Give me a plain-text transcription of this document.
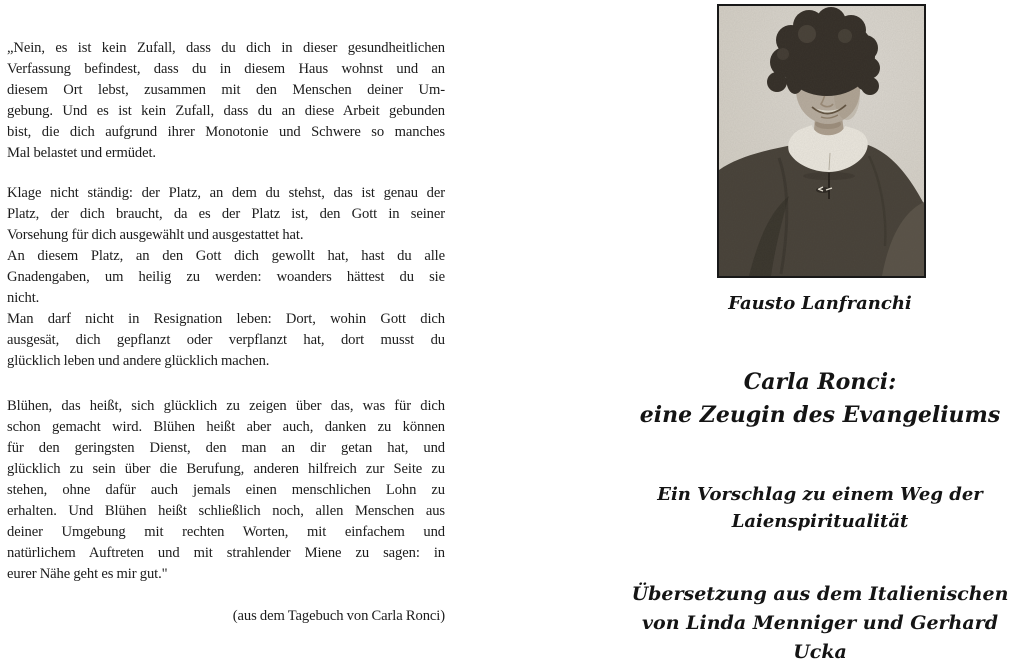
„Nein, es ist kein Zufall, dass du dich in dieser gesundheitlichen
Verfassung befindest, dass du in diesem Haus wohnst und an
diesem Ort lebst, zusammen mit den Menschen deiner Um-
gebung. Und es ist kein Zufall, dass du an diese Arbeit gebunden
bist, die dich aufgrund ihrer Monotonie und Schwere so manches
Mal belastet und ermüdet.
Klage nicht ständig: der Platz, an dem du stehst, das ist genau der
Platz, der dich braucht, da es der Platz ist, den Gott in seiner
Vorsehung für dich ausgewählt und ausgestattet hat.
An diesem Platz, an den Gott dich gewollt hat, hast du alle
Gnadengaben, um heilig zu werden: woanders hättest du sie
nicht.
Man darf nicht in Resignation leben: Dort, wohin Gott dich
ausgesät, dich gepflanzt oder verpflanzt hat, dort musst du
glücklich leben und andere glücklich machen.
Blühen, das heißt, sich glücklich zu zeigen über das, was für dich
schon gemacht wird. Blühen heißt aber auch, danken zu können
für den geringsten Dienst, den man an dir getan hat, und
glücklich zu sein über die Berufung, anderen hilfreich zur Seite zu
stehen, ohne dafür auch jemals einen menschlichen Lohn zu
erhalten. Und Blühen heißt schließlich noch, allen Menschen aus
deiner Umgebung mit rechten Worten, mit einfachem und
natürlichem Auftreten und mit strahlender Miene zu sagen: in
eurer Nähe geht es mir gut."
(aus dem Tagebuch von Carla Ronci)
Fausto Lanfranchi
Carla Ronci:
eine Zeugin des Evangeliums
Ein Vorschlag zu einem Weg der
Laienspiritualität
Übersetzung aus dem Italienischen
von Linda Menniger und Gerhard Ucka
